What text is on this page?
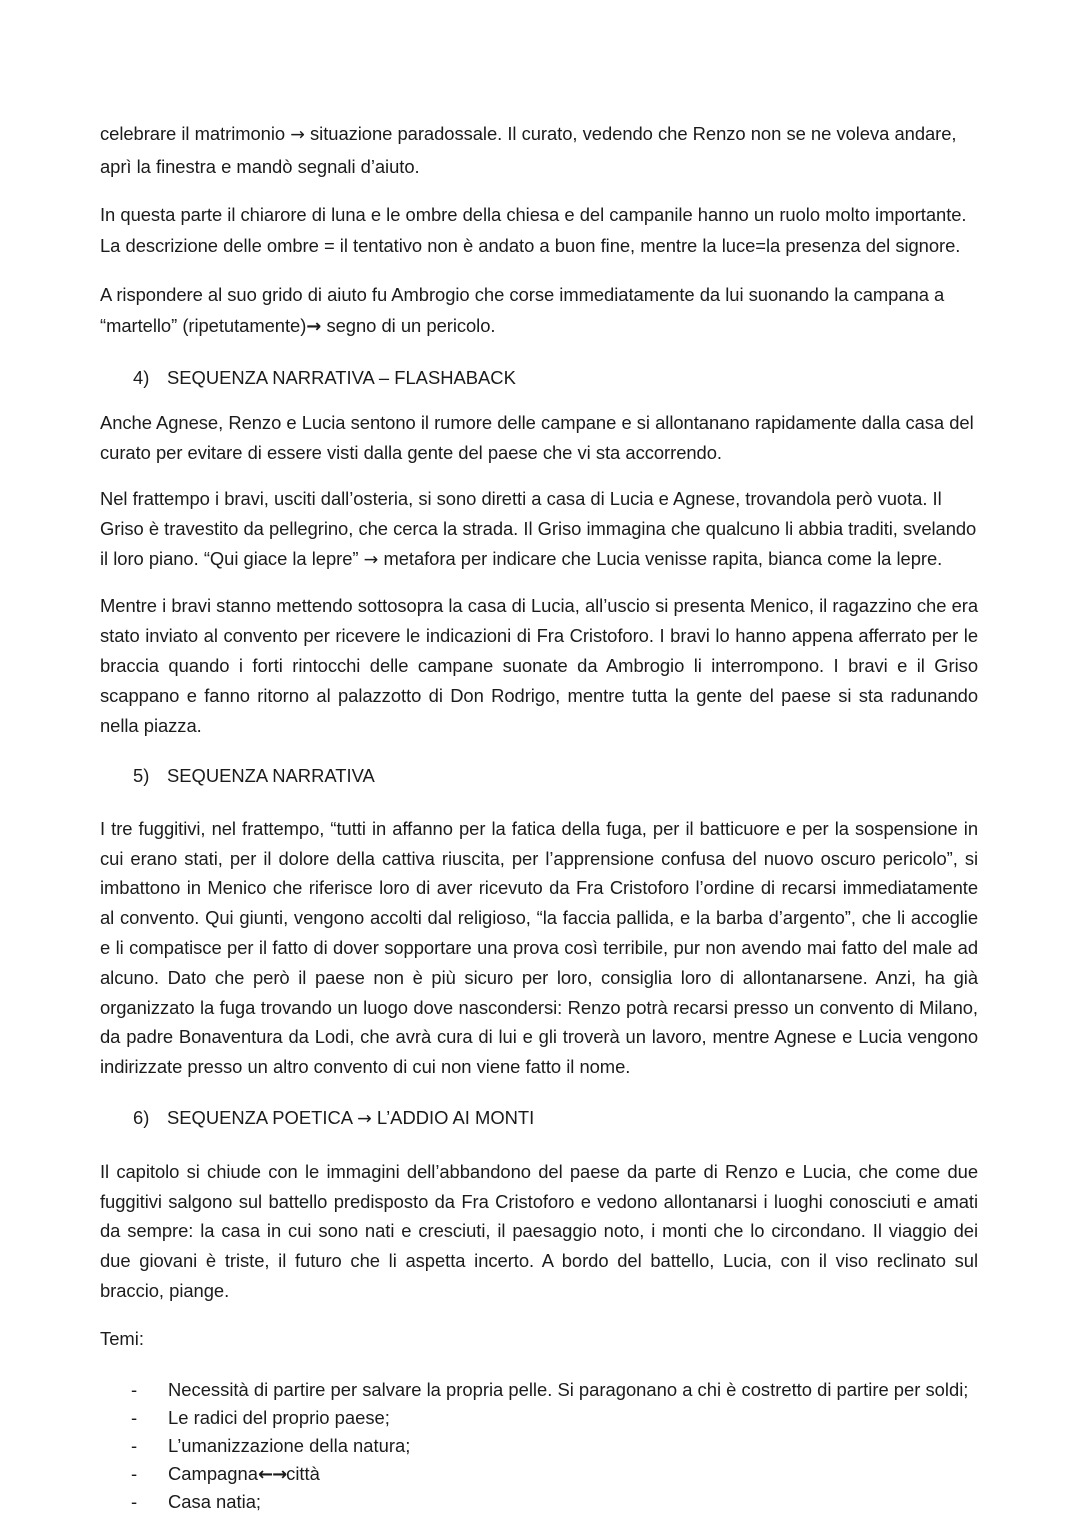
celebrare il matrimonio → situazione paradossale. Il curato, vedendo che Renzo non se ne voleva andare, aprì la finestra e mandò segnali d’aiuto.

In questa parte il chiarore di luna e le ombre della chiesa e del campanile hanno un ruolo molto importante. La descrizione delle ombre = il tentativo non è andato a buon fine, mentre la luce=la presenza del signore.

A rispondere al suo grido di aiuto fu Ambrogio che corse immediatamente da lui suonando la campana a “martello” (ripetutamente)→ segno di un pericolo.

4) SEQUENZA NARRATIVA – FLASHABACK

Anche Agnese, Renzo e Lucia sentono il rumore delle campane e si allontanano rapidamente dalla casa del curato per evitare di essere visti dalla gente del paese che vi sta accorrendo.

Nel frattempo i bravi, usciti dall’osteria, si sono diretti a casa di Lucia e Agnese, trovandola però vuota. Il Griso è travestito da pellegrino, che cerca la strada. Il Griso immagina che qualcuno li abbia traditi, svelando il loro piano. “Qui giace la lepre” → metafora per indicare che Lucia venisse rapita, bianca come la lepre.

Mentre i bravi stanno mettendo sottosopra la casa di Lucia, all’uscio si presenta Menico, il ragazzino che era stato inviato al convento per ricevere le indicazioni di Fra Cristoforo. I bravi lo hanno appena afferrato per le braccia quando i forti rintocchi delle campane suonate da Ambrogio li interrompono. I bravi e il Griso scappano e fanno ritorno al palazzotto di Don Rodrigo, mentre tutta la gente del paese si sta radunando nella piazza.

5) SEQUENZA NARRATIVA

I tre fuggitivi, nel frattempo, “tutti in affanno per la fatica della fuga, per il batticuore e per la sospensione in cui erano stati, per il dolore della cattiva riuscita, per l’apprensione confusa del nuovo oscuro pericolo”, si imbattono in Menico che riferisce loro di aver ricevuto da Fra Cristoforo l’ordine di recarsi immediatamente al convento. Qui giunti, vengono accolti dal religioso, “la faccia pallida, e la barba d’argento”, che li accoglie e li compatisce per il fatto di dover sopportare una prova così terribile, pur non avendo mai fatto del male ad alcuno. Dato che però il paese non è più sicuro per loro, consiglia loro di allontanarsene. Anzi, ha già organizzato la fuga trovando un luogo dove nascondersi: Renzo potrà recarsi presso un convento di Milano, da padre Bonaventura da Lodi, che avrà cura di lui e gli troverà un lavoro, mentre Agnese e Lucia vengono indirizzate presso un altro convento di cui non viene fatto il nome.

6) SEQUENZA POETICA → L’ADDIO AI MONTI

Il capitolo si chiude con le immagini dell’abbandono del paese da parte di Renzo e Lucia, che come due fuggitivi salgono sul battello predisposto da Fra Cristoforo e vedono allontanarsi i luoghi conosciuti e amati da sempre: la casa in cui sono nati e cresciuti, il paesaggio noto, i monti che lo circondano. Il viaggio dei due giovani è triste, il futuro che li aspetta incerto. A bordo del battello, Lucia, con il viso reclinato sul braccio, piange.

Temi:

-	Necessità di partire per salvare la propria pelle. Si paragonano a chi è costretto di partire per soldi;
-	Le radici del proprio paese;
-	L’umanizzazione della natura;
-	Campagna←→città
-	Casa natia;
